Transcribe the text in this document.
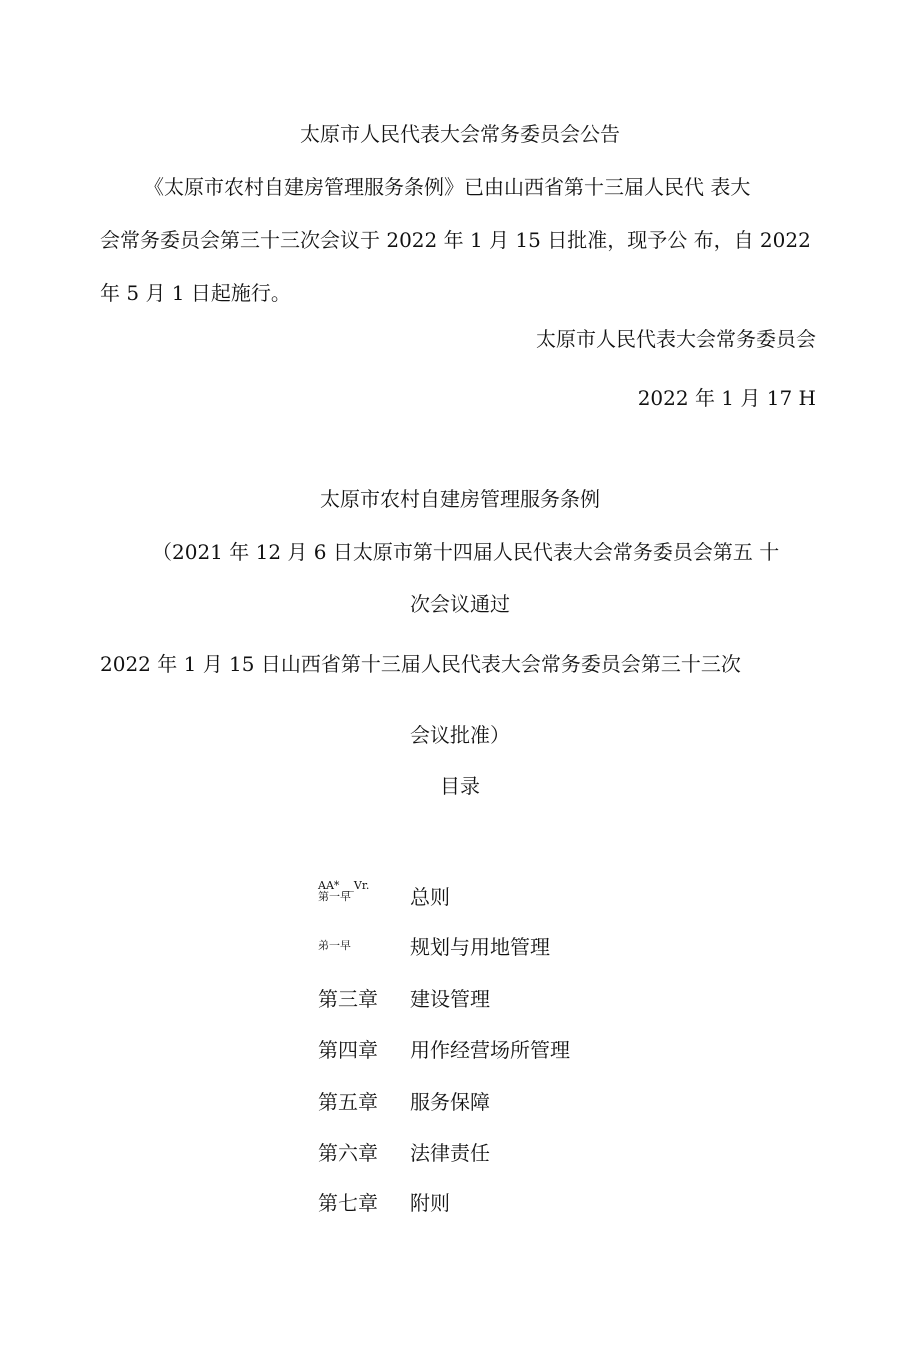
太原市人民代表大会常务委员会公告
《太原市农村自建房管理服务条例》已由山西省第十三届人民代 表大
会常务委员会第三十三次会议于 2022 年 1 月 15 日批准，现予公 布，自 2022
年 5 月 1 日起施行。
太原市人民代表大会常务委员会
2022 年 1 月 17 H
太原市农村自建房管理服务条例
（2021 年 12 月 6 日太原市第十四届人民代表大会常务委员会第五 十
次会议通过
2022 年 1 月 15 日山西省第十三届人民代表大会常务委员会第三十三次
会议批准）
目录
AA* __Vr.
第一早	总则
弟一早	规划与用地管理
第三章 建设管理
第四章 用作经营场所管理
第五章 服务保障
第六章 法律责任
第七章 附则
